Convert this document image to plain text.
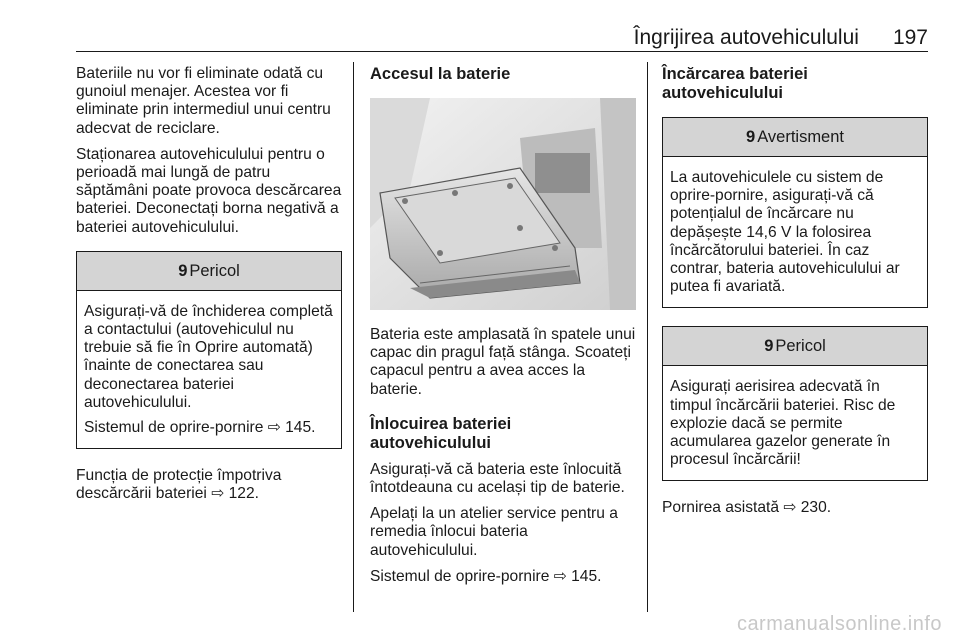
Îngrijirea autovehiculului 197

Bateriile nu vor fi eliminate odată cu gunoiul menajer. Acestea vor fi eliminate prin intermediul unui centru adecvat de reciclare.

Staționarea autovehiculului pentru o perioadă mai lungă de patru săptămâni poate provoca descărcarea bateriei. Deconectați borna negativă a bateriei autovehiculului.

9 Pericol

Asigurați-vă de închiderea completă a contactului (autovehiculul nu trebuie să fie în Oprire automată) înainte de conectarea sau deconectarea bateriei autovehiculului.

Sistemul de oprire-pornire ⇨ 145.

Funcția de protecție împotriva descărcării bateriei ⇨ 122.

Accesul la baterie

Bateria este amplasată în spatele unui capac din pragul față stânga. Scoateți capacul pentru a avea acces la baterie.

Înlocuirea bateriei autovehiculului

Asigurați-vă că bateria este înlocuită întotdeauna cu același tip de baterie.

Apelați la un atelier service pentru a remedia înlocui bateria autovehiculului.

Sistemul de oprire-pornire ⇨ 145.

Încărcarea bateriei autovehiculului
9 Avertisment

La autovehiculele cu sistem de oprire-pornire, asigurați-vă că potențialul de încărcare nu depășește 14,6 V la folosirea încărcătorului bateriei. În caz contrar, bateria autovehiculului ar putea fi avariată.

9 Pericol

Asigurați aerisirea adecvată în timpul încărcării bateriei. Risc de explozie dacă se permite acumularea gazelor generate în procesul încărcării!

Pornirea asistată ⇨ 230.

carmanualsonline.info
